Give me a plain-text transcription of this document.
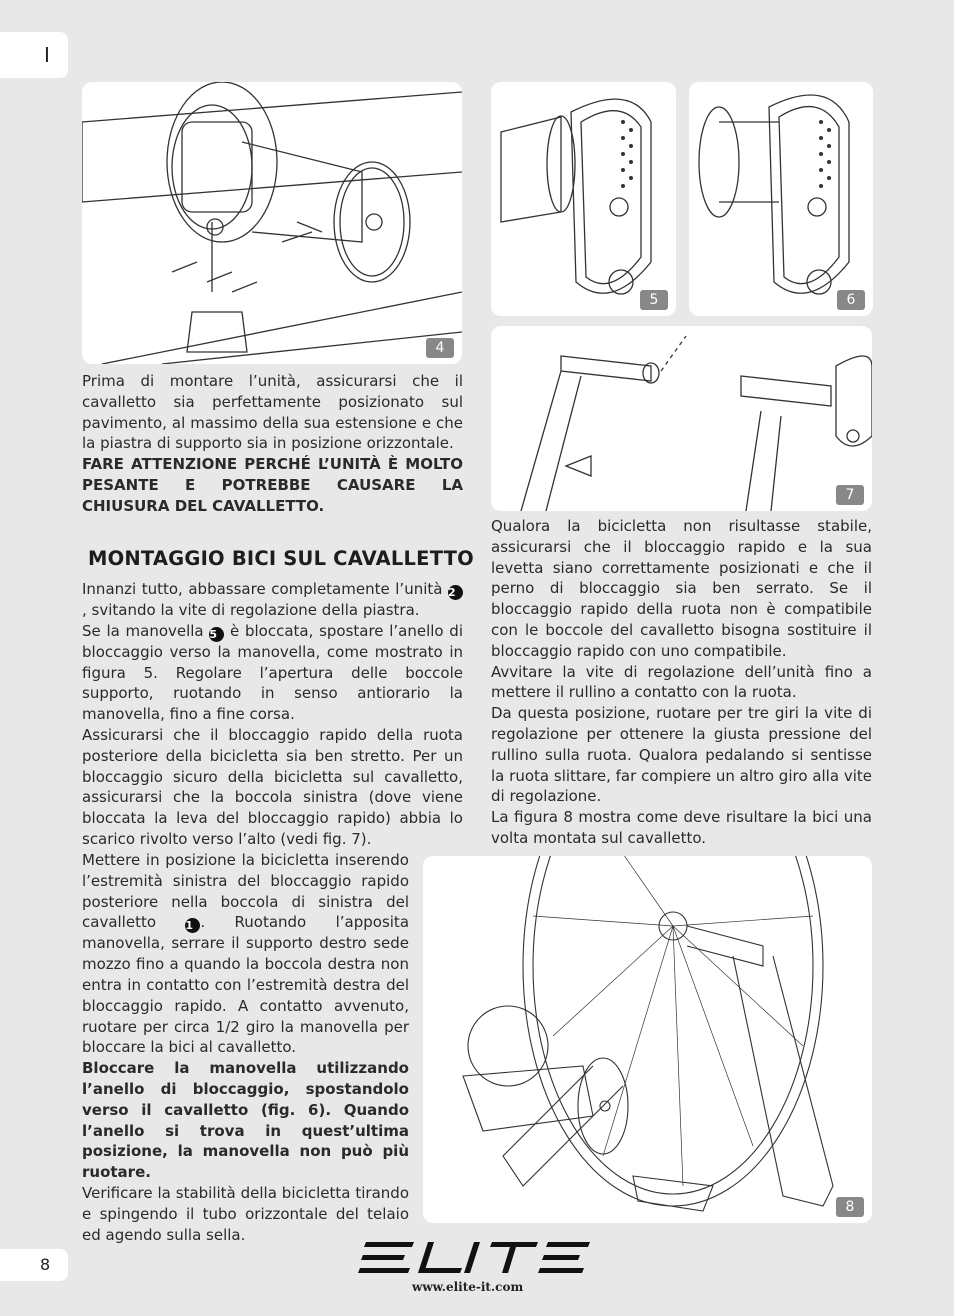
I
8
4
5	6
7
8

Prima di montare l’unità, assicurarsi che il cavalletto sia perfettamente posizionato sul pavimento, al massimo della sua estensione e che la piastra di supporto sia in posizione orizzontale.

FARE ATTENZIONE PERCHÉ L’UNITÀ È MOLTO PESANTE E POTREBBE CAUSARE LA CHIUSURA DEL CAVALLETTO.

MONTAGGIO BICI SUL CAVALLETTO

Innanzi tutto, abbassare completamente l’unità 2, svitando la vite di regolazione della piastra.

Se la manovella 5 è bloccata, spostare l’anello di bloccaggio verso la manovella, come mostrato in figura 5. Regolare l’apertura delle boccole supporto, ruotando in senso antiorario la manovella, fino a fine corsa.

Assicurarsi che il bloccaggio rapido della ruota posteriore della bicicletta sia ben stretto. Per un bloccaggio sicuro della bicicletta sul cavalletto, assicurarsi che la boccola sinistra (dove viene bloccata la leva del bloccaggio rapido) abbia lo scarico rivolto verso l’alto (vedi fig. 7).

Mettere in posizione la bicicletta inserendo l’estremità sinistra del bloccaggio rapido posteriore nella boccola di sinistra del cavalletto 1 . Ruotando l’apposita manovella, serrare il supporto destro sede mozzo fino a quando la boccola destra non entra in contatto con l’estremità destra del bloccaggio rapido. A contatto avvenuto, ruotare per circa 1/2 giro la manovella per bloccare la bici al cavalletto.

Bloccare la manovella utilizzando l’anello di bloccaggio, spostandolo verso il cavalletto (fig. 6). Quando l’anello si trova in quest’ultima posizione, la manovella non può più ruotare.

Verificare la stabilità della bicicletta tirando e spingendo il tubo orizzontale del telaio ed agendo sulla sella.

Qualora la bicicletta non risultasse stabile, assicurarsi che il bloccaggio rapido e la sua levetta siano correttamente posizionati e che il perno di bloccaggio sia ben serrato. Se il bloccaggio rapido della ruota non è compatibile con le boccole del cavalletto bisogna sostituire il bloccaggio rapido con uno compatibile.

Avvitare la vite di regolazione dell’unità fino a mettere il rullino a contatto con la ruota.

Da questa posizione, ruotare per tre giri la vite di regolazione per ottenere la giusta pressione del rullino sulla ruota. Qualora pedalando si sentisse la ruota slittare, far compiere un altro giro alla vite di regolazione.

La figura 8 mostra come deve risultare la bici una volta montata sul cavalletto.

www.elite-it.com
